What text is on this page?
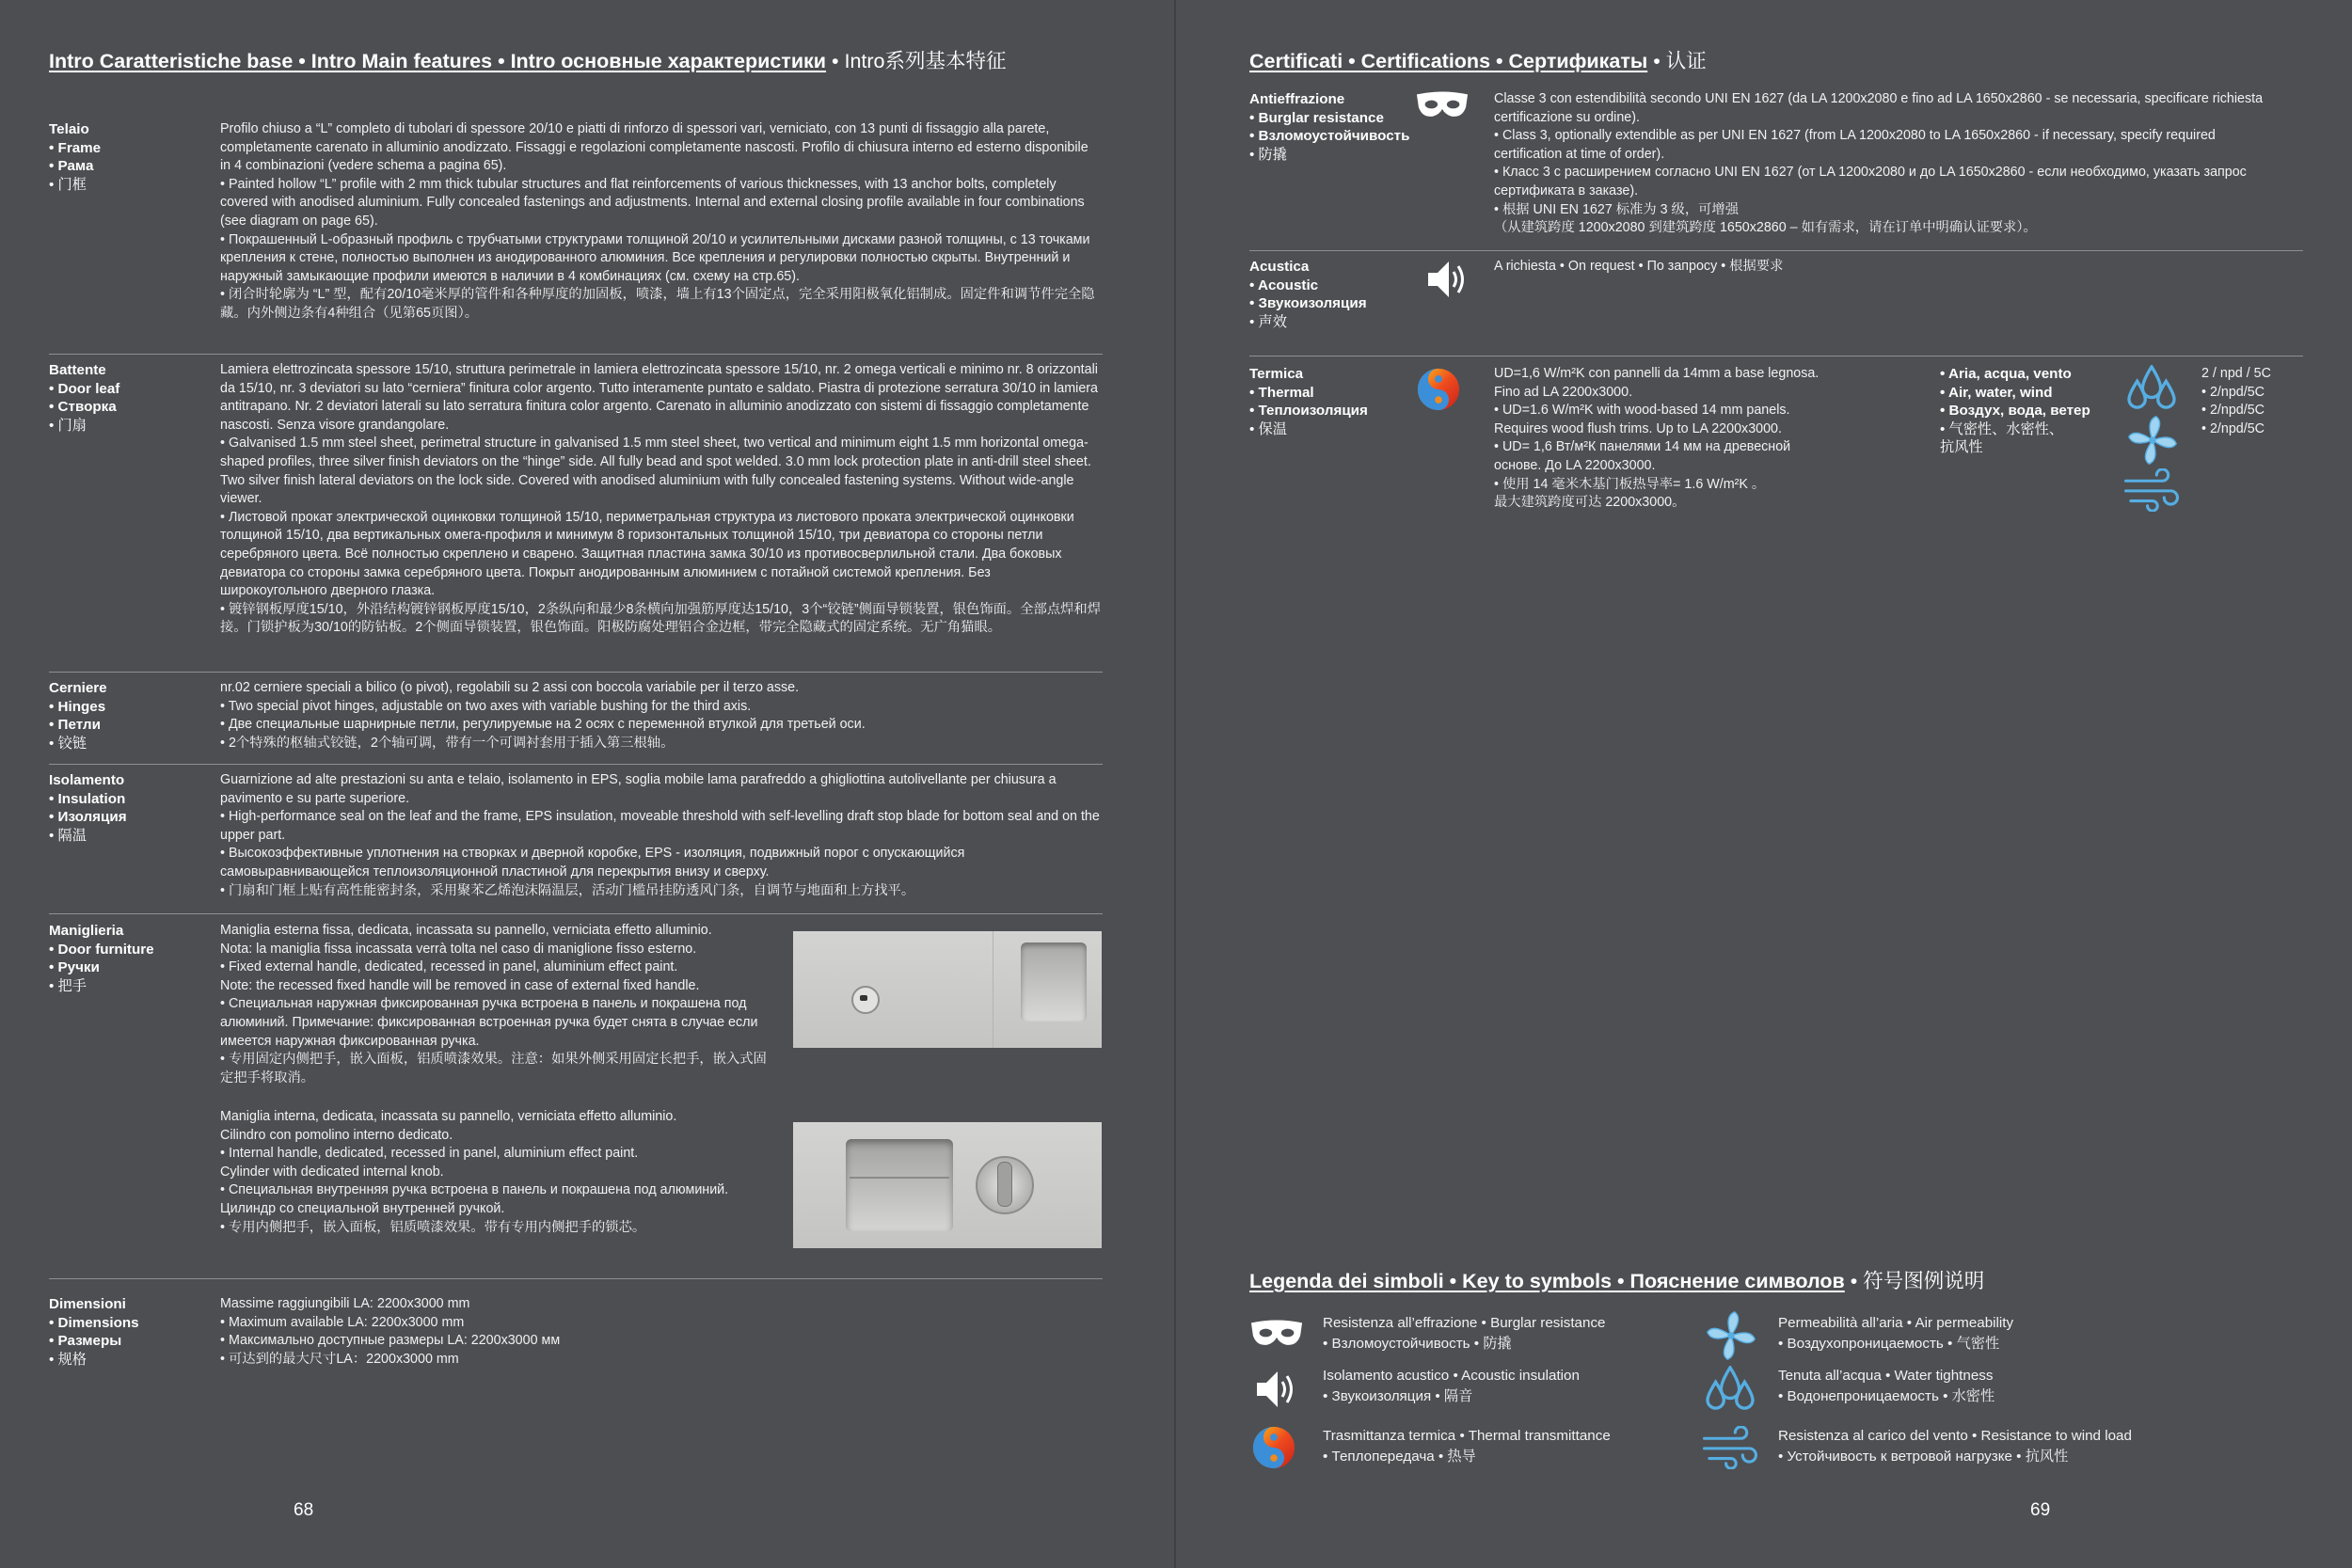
Intro Caratteristiche base • Intro Main features • Intro основные характеристики • Intro系列基本特征
Telaio
• Frame
• Рама
• 门框
Profilo chiuso a “L” completo di tubolari di spessore 20/10 e piatti di rinforzo di spessori vari, verniciato, con 13 punti di fissaggio alla parete, completamente carenato in alluminio anodizzato. Fissaggi e regolazioni completamente nascosti. Profilo di chiusura interno ed esterno disponibile in 4 combinazioni (vedere schema a pagina 65).
• Painted hollow “L” profile with 2 mm thick tubular structures and flat reinforcements of various thicknesses, with 13 anchor bolts, completely covered with anodised aluminium. Fully concealed fastenings and adjustments. Internal and external closing profile available in four combinations (see diagram on page 65).
• Покрашенный L-образный профиль с трубчатыми структурами толщиной 20/10 и усилительными дисками разной толщины, с 13 точками крепления к стене, полностью выполнен из анодированного алюминия. Все крепления и регулировки полностью скрыты. Внутренний и наружный замыкающие профили имеются в наличии в 4 комбинациях (см. схему на стр.65).
• 闭合时轮廓为 “L” 型，配有20/10毫米厚的管件和各种厚度的加固板，喷漆，墙上有13个固定点，完全采用阳极氧化铝制成。固定件和调节件完全隐藏。内外侧边条有4种组合（见第65页图）。
Battente
• Door leaf
• Створка
• 门扇
Lamiera elettrozincata spessore 15/10, struttura perimetrale in lamiera elettrozincata spessore 15/10, nr. 2 omega verticali e minimo nr. 8 orizzontali da 15/10, nr. 3 deviatori su lato “cerniera” finitura color argento. Tutto interamente puntato e saldato. Piastra di protezione serratura 30/10 in lamiera antitrapano. Nr. 2 deviatori laterali su lato serratura finitura color argento. Carenato in alluminio anodizzato con sistemi di fissaggio completamente nascosti. Senza visore grandangolare.
• Galvanised 1.5 mm steel sheet, perimetral structure in galvanised 1.5 mm steel sheet, two vertical and minimum eight 1.5 mm horizontal omega-shaped profiles, three silver finish deviators on the “hinge” side. All fully bead and spot welded. 3.0 mm lock protection plate in anti-drill steel sheet. Two silver finish lateral deviators on the lock side. Covered with anodised aluminium with fully concealed fastening systems. Without wide-angle viewer.
• Листовой прокат электрической оцинковки толщиной 15/10, периметральная структура из листового проката электрической оцинковки толщиной 15/10, два вертикальных омега-профиля и минимум 8 горизонтальных толщиной 15/10, три девиатора со стороны петли серебряного цвета. Всё полностью скреплено и сварено. Защитная пластина замка 30/10 из противосверлильной стали. Два боковых девиатора со стороны замка серебряного цвета. Покрыт анодированным алюминием с потайной системой крепления. Без широкоугольного дверного глазка.
• 镀锌钢板厚度15/10，外沿结构镀锌钢板厚度15/10，2条纵向和最少8条横向加强筋厚度达15/10，3个“铰链”侧面导锁装置，银色饰面。全部点焊和焊接。门锁护板为30/10的防钻板。2个侧面导锁装置，银色饰面。阳极防腐处理铝合金边框，带完全隐藏式的固定系统。无广角猫眼。
Cerniere
• Hinges
• Петли
• 铰链
nr.02 cerniere speciali a bilico (o pivot), regolabili su 2 assi con boccola variabile per il terzo asse.
• Two special pivot hinges, adjustable on two axes with variable bushing for the third axis.
• Две специальные шарнирные петли, регулируемые на 2 осях с переменной втулкой для третьей оси.
• 2个特殊的枢轴式铰链，2个轴可调，带有一个可调衬套用于插入第三根轴。
Isolamento
• Insulation
• Изоляция
• 隔温
Guarnizione ad alte prestazioni su anta e telaio, isolamento in EPS, soglia mobile lama parafreddo a ghigliottina autolivellante per chiusura a pavimento e su parte superiore.
• High-performance seal on the leaf and the frame, EPS insulation, moveable threshold with self-levelling draft stop blade for bottom seal and on the upper part.
• Высокоэффективные уплотнения на створках и дверной коробке, EPS - изоляция, подвижный порог с опускающийся самовыравнивающейся теплоизоляционной пластиной для перекрытия внизу и сверху.
• 门扇和门框上贴有高性能密封条，采用聚苯乙烯泡沫隔温层，活动门槛吊挂防透风门条，自调节与地面和上方找平。
Maniglieria
• Door furniture
• Ручки
• 把手
Maniglia esterna fissa, dedicata, incassata su pannello, verniciata effetto alluminio.
Nota: la maniglia fissa incassata verrà tolta nel caso di maniglione fisso esterno.
• Fixed external handle, dedicated, recessed in panel, aluminium effect paint.
Note: the recessed fixed handle will be removed in case of external fixed handle.
• Специальная наружная фиксированная ручка встроена в панель и покрашена под алюминий. Примечание: фиксированная встроенная ручка будет снята в случае если имеется наружная фиксированная ручка.
• 专用固定内侧把手，嵌入面板，铝质喷漆效果。注意：如果外侧采用固定长把手，嵌入式固定把手将取消。
Maniglia interna, dedicata, incassata su pannello, verniciata effetto alluminio.
Cilindro con pomolino interno dedicato.
• Internal handle, dedicated, recessed in panel, aluminium effect paint.
Cylinder with dedicated internal knob.
• Специальная внутренняя ручка встроена в панель и покрашена под алюминий.
Цилиндр со специальной внутренней ручкой.
• 专用内侧把手，嵌入面板，铝质喷漆效果。带有专用内侧把手的锁芯。
Dimensioni
• Dimensions
• Размеры
• 规格
Massime raggiungibili LA: 2200x3000 mm
• Maximum available LA: 2200x3000 mm
• Максимально доступные размеры LA: 2200x3000 мм
• 可达到的最大尺寸LA：2200x3000 mm
68
Certificati • Certifications • Сертификаты • 认证
Antieffrazione
• Burglar resistance
• Взломоустойчивость
• 防撬
Classe 3 con estendibilità secondo UNI EN 1627 (da LA 1200x2080 e fino ad LA 1650x2860 - se necessaria, specificare richiesta certificazione su ordine).
• Class 3, optionally extendible as per UNI EN 1627 (from LA 1200x2080 to LA 1650x2860 - if necessary, specify required certification at time of order).
• Класс 3 с расширением согласно UNI EN 1627 (от LA 1200x2080 и до LA 1650x2860 - если необходимо, указать запрос сертификата в заказе).
• 根据 UNI EN 1627 标准为 3 级，可增强
（从建筑跨度 1200x2080 到建筑跨度 1650x2860 – 如有需求，请在订单中明确认证要求）。
Acustica
• Acoustic
• Звукоизоляция
• 声效
A richiesta • On request • По запросу • 根据要求
Termica
• Thermal
• Теплоизоляция
• 保温
UD=1,6 W/m²K con pannelli da 14mm a base legnosa.
Fino ad LA 2200x3000.
• UD=1.6 W/m²K with wood-based 14 mm panels.
Requires wood flush trims. Up to LA 2200x3000.
• UD= 1,6 Вт/м²К панелями 14 мм на древесной
основе. До LA 2200x3000.
• 使用 14 毫米木基门板热导率= 1.6 W/m²K 。
最大建筑跨度可达 2200x3000。
• Aria, acqua, vento
• Air, water, wind
• Воздух, вода, ветер
• 气密性、水密性、
抗风性
2 / npd / 5C
• 2/npd/5C
• 2/npd/5C
• 2/npd/5C
Legenda dei simboli • Key to symbols • Пояснение символов • 符号图例说明
Resistenza all’effrazione • Burglar resistance
• Взломоустойчивость • 防撬
Permeabilità all’aria • Air permeability
• Воздухопроницаемость • 气密性
Isolamento acustico • Acoustic insulation
• Звукоизоляция • 隔音
Tenuta all’acqua • Water tightness
• Водонепроницаемость • 水密性
Trasmittanza termica • Thermal transmittance
• Теплопередача • 热导
Resistenza al carico del vento • Resistance to wind load
• Устойчивость к ветровой нагрузке • 抗风性
69
